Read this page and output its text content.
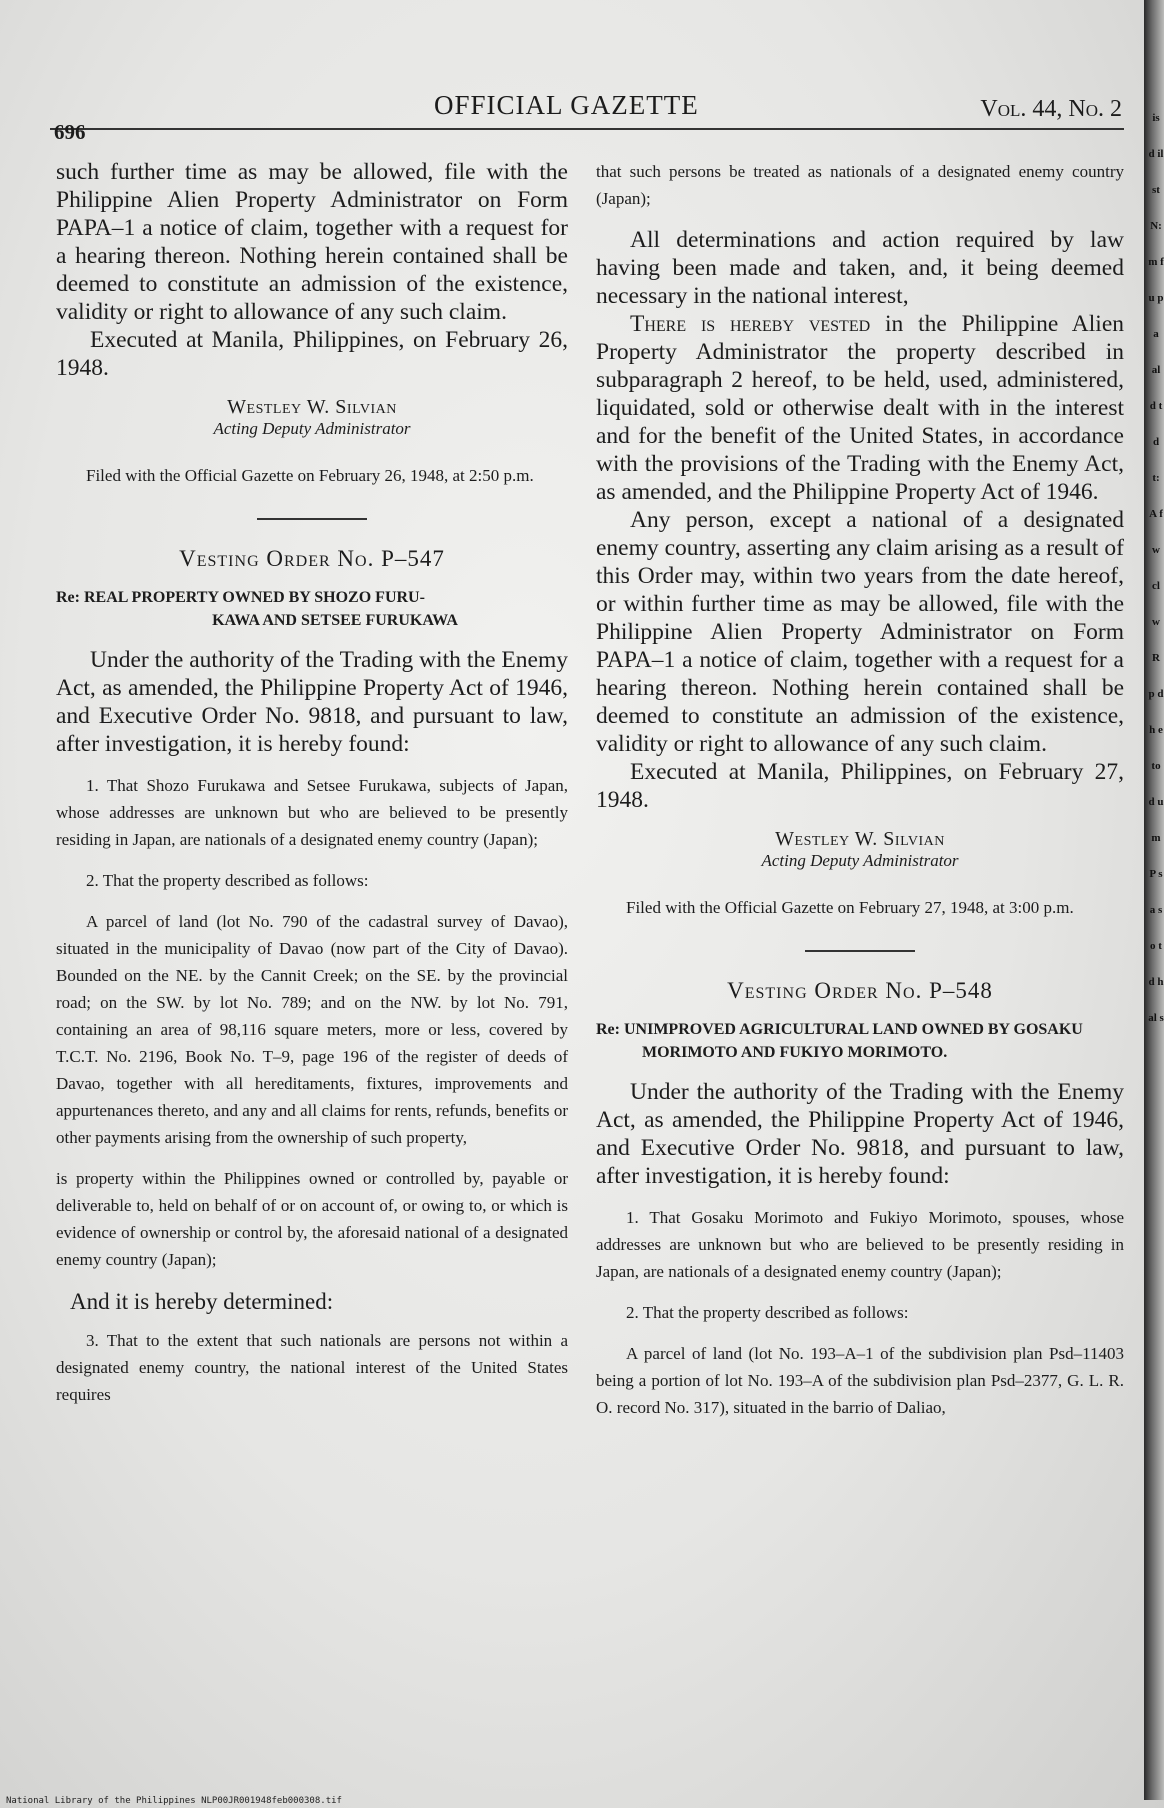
696
OFFICIAL GAZETTE	Vol. 44, No. 2

such further time as may be allowed, file with the Philippine Alien Property Administrator on Form PAPA–1 a notice of claim, together with a request for a hearing thereon. Nothing herein contained shall be deemed to constitute an admission of the existence, validity or right to allowance of any such claim.

Executed at Manila, Philippines, on February 26, 1948.

Westley W. Silvian
Acting Deputy Administrator

Filed with the Official Gazette on February 26, 1948, at 2:50 p.m.

Vesting Order No. P–547

Re: REAL PROPERTY OWNED BY SHOZO FURU-
KAWA AND SETSEE FURUKAWA

Under the authority of the Trading with the Enemy Act, as amended, the Philippine Property Act of 1946, and Executive Order No. 9818, and pursuant to law, after investigation, it is hereby found:

1. That Shozo Furukawa and Setsee Furukawa, subjects of Japan, whose addresses are unknown but who are believed to be presently residing in Japan, are nationals of a designated enemy country (Japan);

2. That the property described as follows:

A parcel of land (lot No. 790 of the cadastral survey of Davao), situated in the municipality of Davao (now part of the City of Davao). Bounded on the NE. by the Cannit Creek; on the SE. by the provincial road; on the SW. by lot No. 789; and on the NW. by lot No. 791, containing an area of 98,116 square meters, more or less, covered by T.C.T. No. 2196, Book No. T–9, page 196 of the register of deeds of Davao, together with all hereditaments, fixtures, improvements and appurtenances thereto, and any and all claims for rents, refunds, benefits or other payments arising from the ownership of such property,

is property within the Philippines owned or controlled by, payable or deliverable to, held on behalf of or on account of, or owing to, or which is evidence of ownership or control by, the aforesaid national of a designated enemy country (Japan);

And it is hereby determined:

3. That to the extent that such nationals are persons not within a designated enemy country, the national interest of the United States requires

that such persons be treated as nationals of a designated enemy country (Japan);

All determinations and action required by law having been made and taken, and, it being deemed necessary in the national interest,

There is hereby vested in the Philippine Alien Property Administrator the property described in subparagraph 2 hereof, to be held, used, administered, liquidated, sold or otherwise dealt with in the interest and for the benefit of the United States, in accordance with the provisions of the Trading with the Enemy Act, as amended, and the Philippine Property Act of 1946.

Any person, except a national of a designated enemy country, asserting any claim arising as a result of this Order may, within two years from the date hereof, or within further time as may be allowed, file with the Philippine Alien Property Administrator on Form PAPA–1 a notice of claim, together with a request for a hearing thereon. Nothing herein contained shall be deemed to constitute an admission of the existence, validity or right to allowance of any such claim.

Executed at Manila, Philippines, on February 27, 1948.

Westley W. Silvian
Acting Deputy Administrator

Filed with the Official Gazette on February 27, 1948, at 3:00 p.m.

Vesting Order No. P–548

Re: UNIMPROVED AGRICULTURAL LAND OWNED BY GOSAKU MORIMOTO AND FUKIYO MORIMOTO.

Under the authority of the Trading with the Enemy Act, as amended, the Philippine Property Act of 1946, and Executive Order No. 9818, and pursuant to law, after investigation, it is hereby found:

1. That Gosaku Morimoto and Fukiyo Morimoto, spouses, whose addresses are unknown but who are believed to be presently residing in Japan, are nationals of a designated enemy country (Japan);

2. That the property described as follows:

A parcel of land (lot No. 193–A–1 of the subdivision plan Psd–11403 being a portion of lot No. 193–A of the subdivision plan Psd–2377, G. L. R. O. record No. 317), situated in the barrio of Daliao,

is d il st N: m f u p a al d t d t: A f w cl w R p d h e to d u m P s a s o t d h al s
National Library of the Philippines NLP00JR001948feb000308.tif
